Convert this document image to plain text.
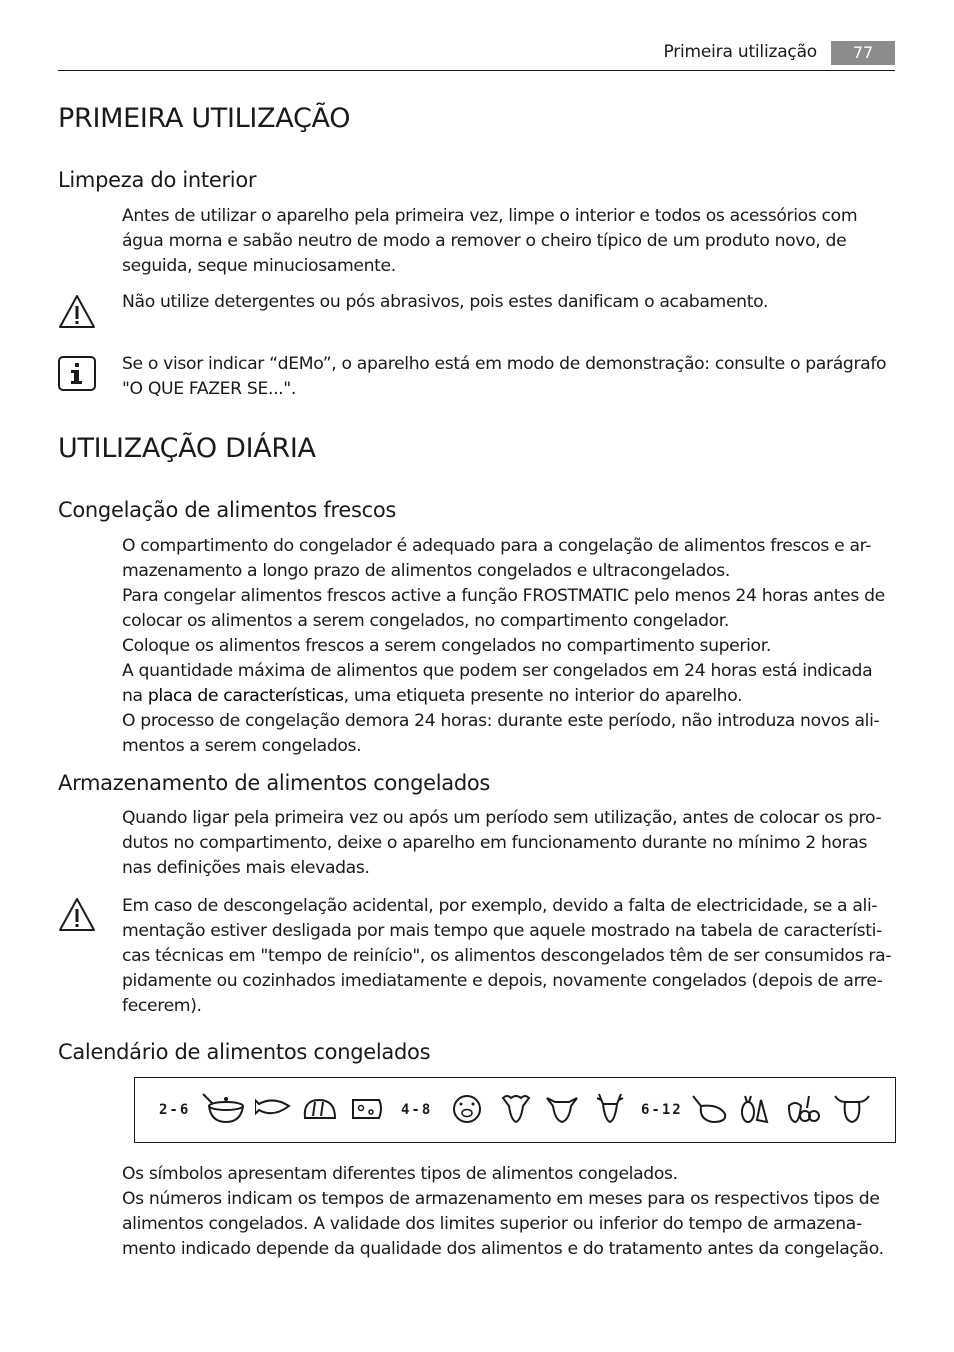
Primeira utilização	77
PRIMEIRA UTILIZAÇÃO
Limpeza do interior

Antes de utilizar o aparelho pela primeira vez, limpe o interior e todos os acessórios com
água morna e sabão neutro de modo a remover o cheiro típico de um produto novo, de
seguida, seque minuciosamente.

Não utilize detergentes ou pós abrasivos, pois estes danificam o acabamento.

Se o visor indicar “dEMo”, o aparelho está em modo de demonstração: consulte o parágrafo
"O QUE FAZER SE...".

UTILIZAÇÃO DIÁRIA
Congelação de alimentos frescos

O compartimento do congelador é adequado para a congelação de alimentos frescos e ar-
mazenamento a longo prazo de alimentos congelados e ultracongelados.
Para congelar alimentos frescos active a função FROSTMATIC pelo menos 24 horas antes de
colocar os alimentos a serem congelados, no compartimento congelador.
Coloque os alimentos frescos a serem congelados no compartimento superior.
A quantidade máxima de alimentos que podem ser congelados em 24 horas está indicada
na placa de características, uma etiqueta presente no interior do aparelho.
O processo de congelação demora 24 horas: durante este período, não introduza novos ali-
mentos a serem congelados.

Armazenamento de alimentos congelados

Quando ligar pela primeira vez ou após um período sem utilização, antes de colocar os pro-
dutos no compartimento, deixe o aparelho em funcionamento durante no mínimo 2 horas
nas definições mais elevadas.

Em caso de descongelação acidental, por exemplo, devido a falta de electricidade, se a ali-
mentação estiver desligada por mais tempo que aquele mostrado na tabela de característi-
cas técnicas em "tempo de reinício", os alimentos descongelados têm de ser consumidos ra-
pidamente ou cozinhados imediatamente e depois, novamente congelados (depois de arre-
fecerem).

Calendário de alimentos congelados
2-6	4-8	6-12

Os símbolos apresentam diferentes tipos de alimentos congelados.
Os números indicam os tempos de armazenamento em meses para os respectivos tipos de
alimentos congelados. A validade dos limites superior ou inferior do tempo de armazena-
mento indicado depende da qualidade dos alimentos e do tratamento antes da congelação.
